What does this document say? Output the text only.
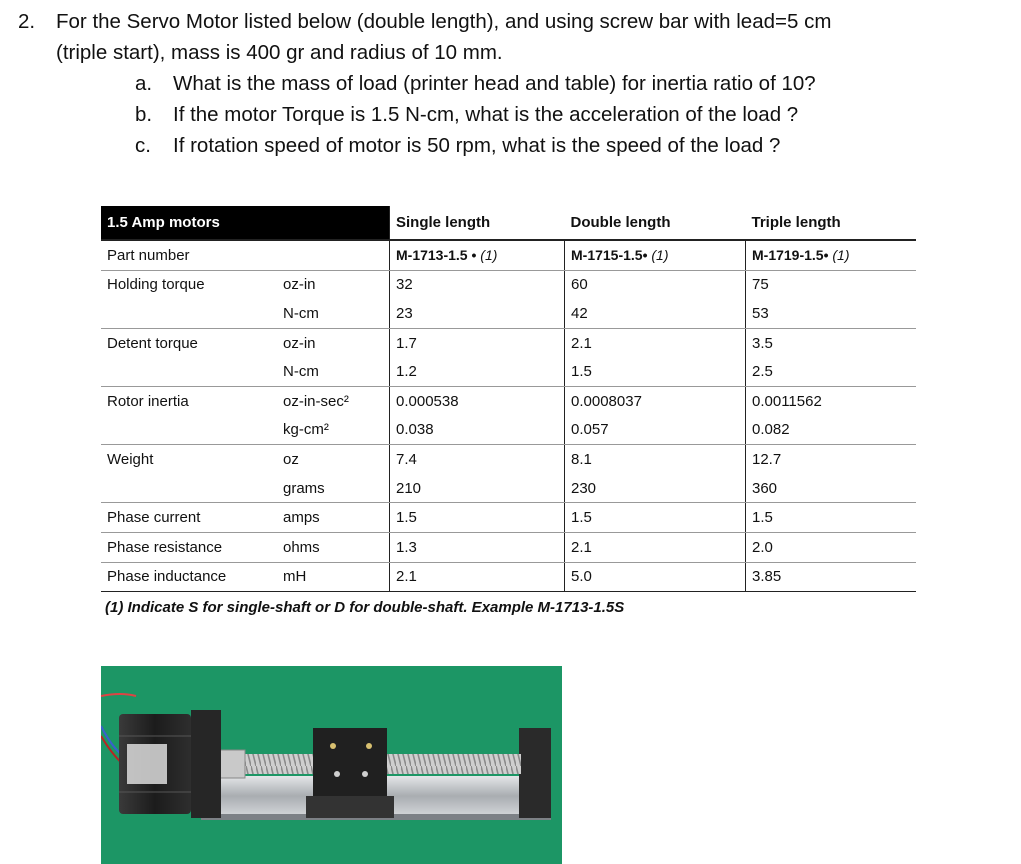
2.	For the Servo Motor listed below (double length), and using screw bar with lead=5 cm
(triple start), mass is 400 gr and radius of 10 mm.
a.	What is the mass of load (printer head and table) for inertia ratio of 10?
b.	If the motor Torque is 1.5 N-cm, what is the acceleration of the load ?
c.	If rotation speed of motor is 50 rpm, what is the speed of the load ?
1.5 Amp motors		Single length	Double length	Triple length
Part number		M-1713-1.5 • (1)	M-1715-1.5• (1)	M-1719-1.5• (1)
Holding torque	oz-in	32	60	75
	N-cm	23	42	53
Detent torque	oz-in	1.7	2.1	3.5
	N-cm	1.2	1.5	2.5
Rotor inertia	oz-in-sec²	0.000538	0.0008037	0.0011562
	kg-cm²	0.038	0.057	0.082
Weight	oz	7.4	8.1	12.7
	grams	210	230	360
Phase current	amps	1.5	1.5	1.5
Phase resistance	ohms	1.3	2.1	2.0
Phase inductance	mH	2.1	5.0	3.85
(1) Indicate S for single-shaft or D for double-shaft. Example M-1713-1.5S
